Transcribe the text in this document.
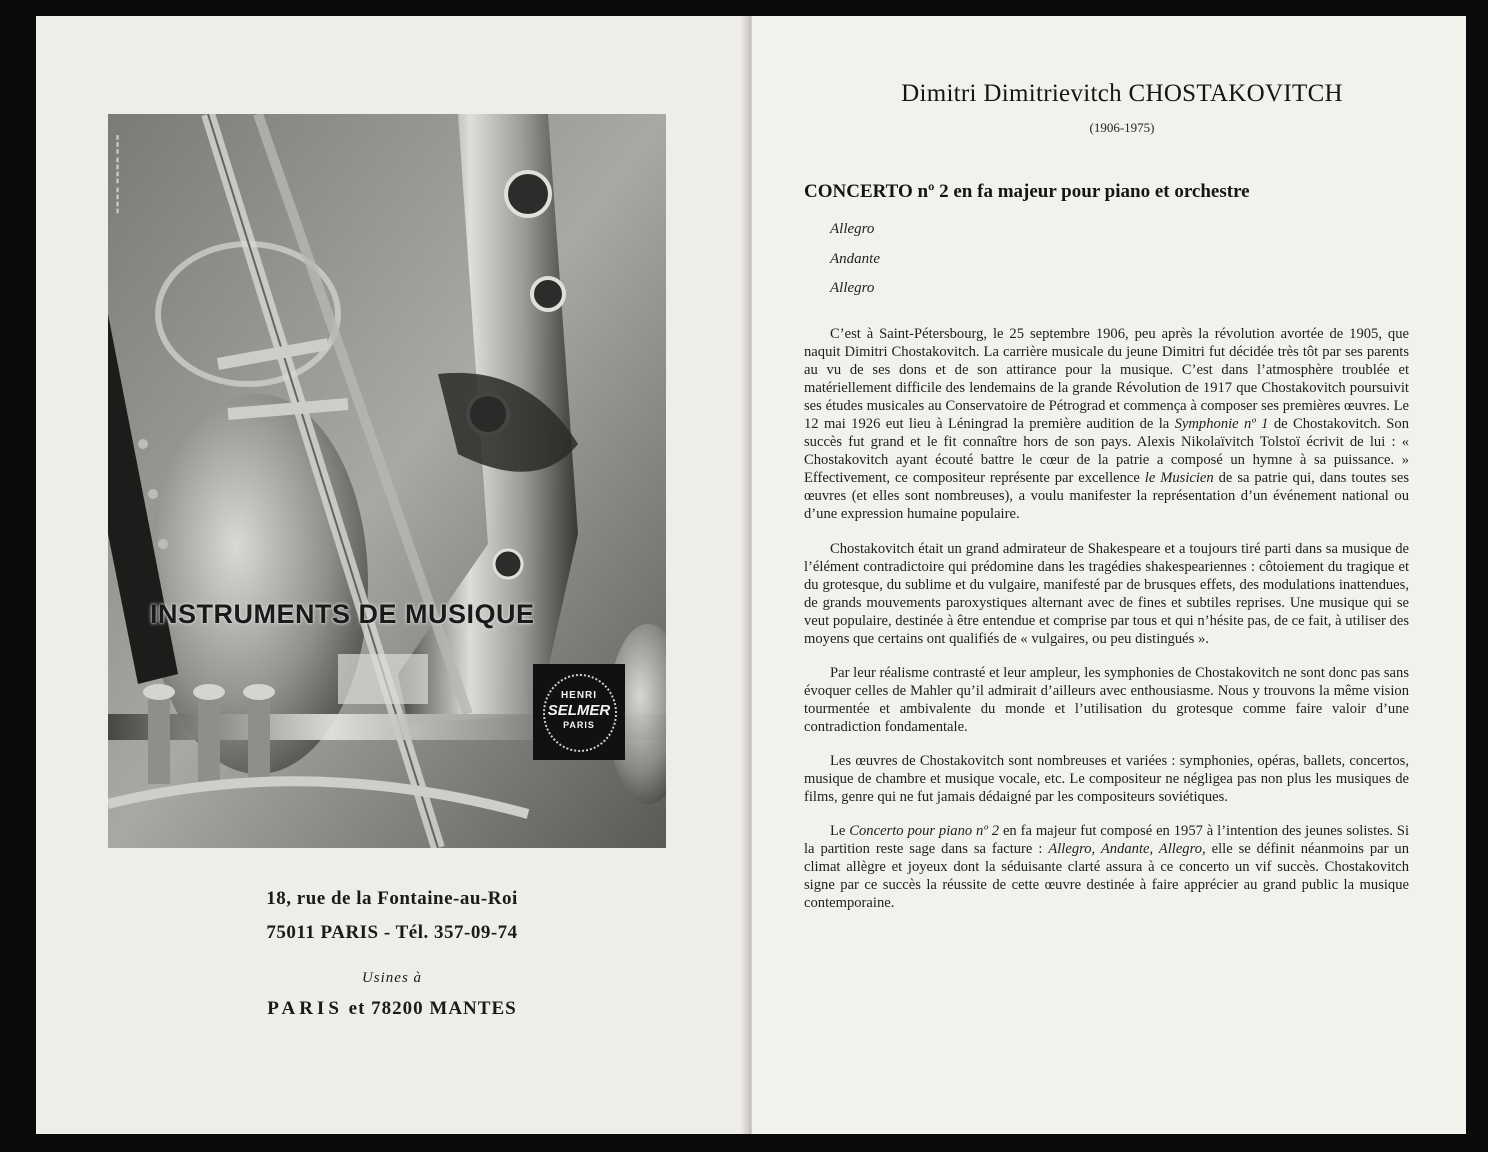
▮▮▮ ▮▮▮▮ ▮▮▮▮
INSTRUMENTS DE MUSIQUE
HENRI
SELMER
PARIS
18, rue de la Fontaine-au-Roi
75011 PARIS - Tél. 357-09-74
Usines à
PARIS et 78200 MANTES
Dimitri Dimitrievitch CHOSTAKOVITCH
(1906-1975)
CONCERTO nº 2 en fa majeur pour piano et orchestre
Allegro
Andante
Allegro

C’est à Saint-Pétersbourg, le 25 septembre 1906, peu après la révolution avortée de 1905, que naquit Dimitri Chostakovitch. La carrière musicale du jeune Dimitri fut décidée très tôt par ses parents au vu de ses dons et de son attirance pour la musique. C’est dans l’atmosphère troublée et matériellement difficile des lendemains de la grande Révolution de 1917 que Chostakovitch poursuivit ses études musicales au Conservatoire de Pétrograd et commença à composer ses premières œuvres. Le 12 mai 1926 eut lieu à Léningrad la première audition de la Symphonie nº 1 de Chostakovitch. Son succès fut grand et le fit connaître hors de son pays. Alexis Nikolaïvitch Tolstoï écrivit de lui : « Chostakovitch ayant écouté battre le cœur de la patrie a composé un hymne à sa puissance. » Effectivement, ce compositeur représente par excellence le Musicien de sa patrie qui, dans toutes ses œuvres (et elles sont nombreuses), a voulu manifester la représentation d’un événement national ou d’une expression humaine populaire.

Chostakovitch était un grand admirateur de Shakespeare et a toujours tiré parti dans sa musique de l’élément contradictoire qui prédomine dans les tragédies shakespeariennes : côtoiement du tragique et du grotesque, du sublime et du vulgaire, manifesté par de brusques effets, des modulations inattendues, de grands mouvements paroxystiques alternant avec de fines et subtiles reprises. Une musique qui se veut populaire, destinée à être entendue et comprise par tous et qui n’hésite pas, de ce fait, à utiliser des moyens que certains ont qualifiés de « vulgaires, ou peu distingués ».

Par leur réalisme contrasté et leur ampleur, les symphonies de Chostakovitch ne sont donc pas sans évoquer celles de Mahler qu’il admirait d’ailleurs avec enthousiasme. Nous y trouvons la même vision tourmentée et ambivalente du monde et l’utilisation du grotesque comme faire valoir d’une contradiction fondamentale.

Les œuvres de Chostakovitch sont nombreuses et variées : symphonies, opéras, ballets, concertos, musique de chambre et musique vocale, etc. Le compositeur ne négligea pas non plus les musiques de films, genre qui ne fut jamais dédaigné par les compositeurs soviétiques.

Le Concerto pour piano nº 2 en fa majeur fut composé en 1957 à l’intention des jeunes solistes. Si la partition reste sage dans sa facture : Allegro, Andante, Allegro, elle se définit néanmoins par un climat allègre et joyeux dont la séduisante clarté assura à ce concerto un vif succès. Chostakovitch signe par ce succès la réussite de cette œuvre destinée à faire apprécier au grand public la musique contemporaine.
